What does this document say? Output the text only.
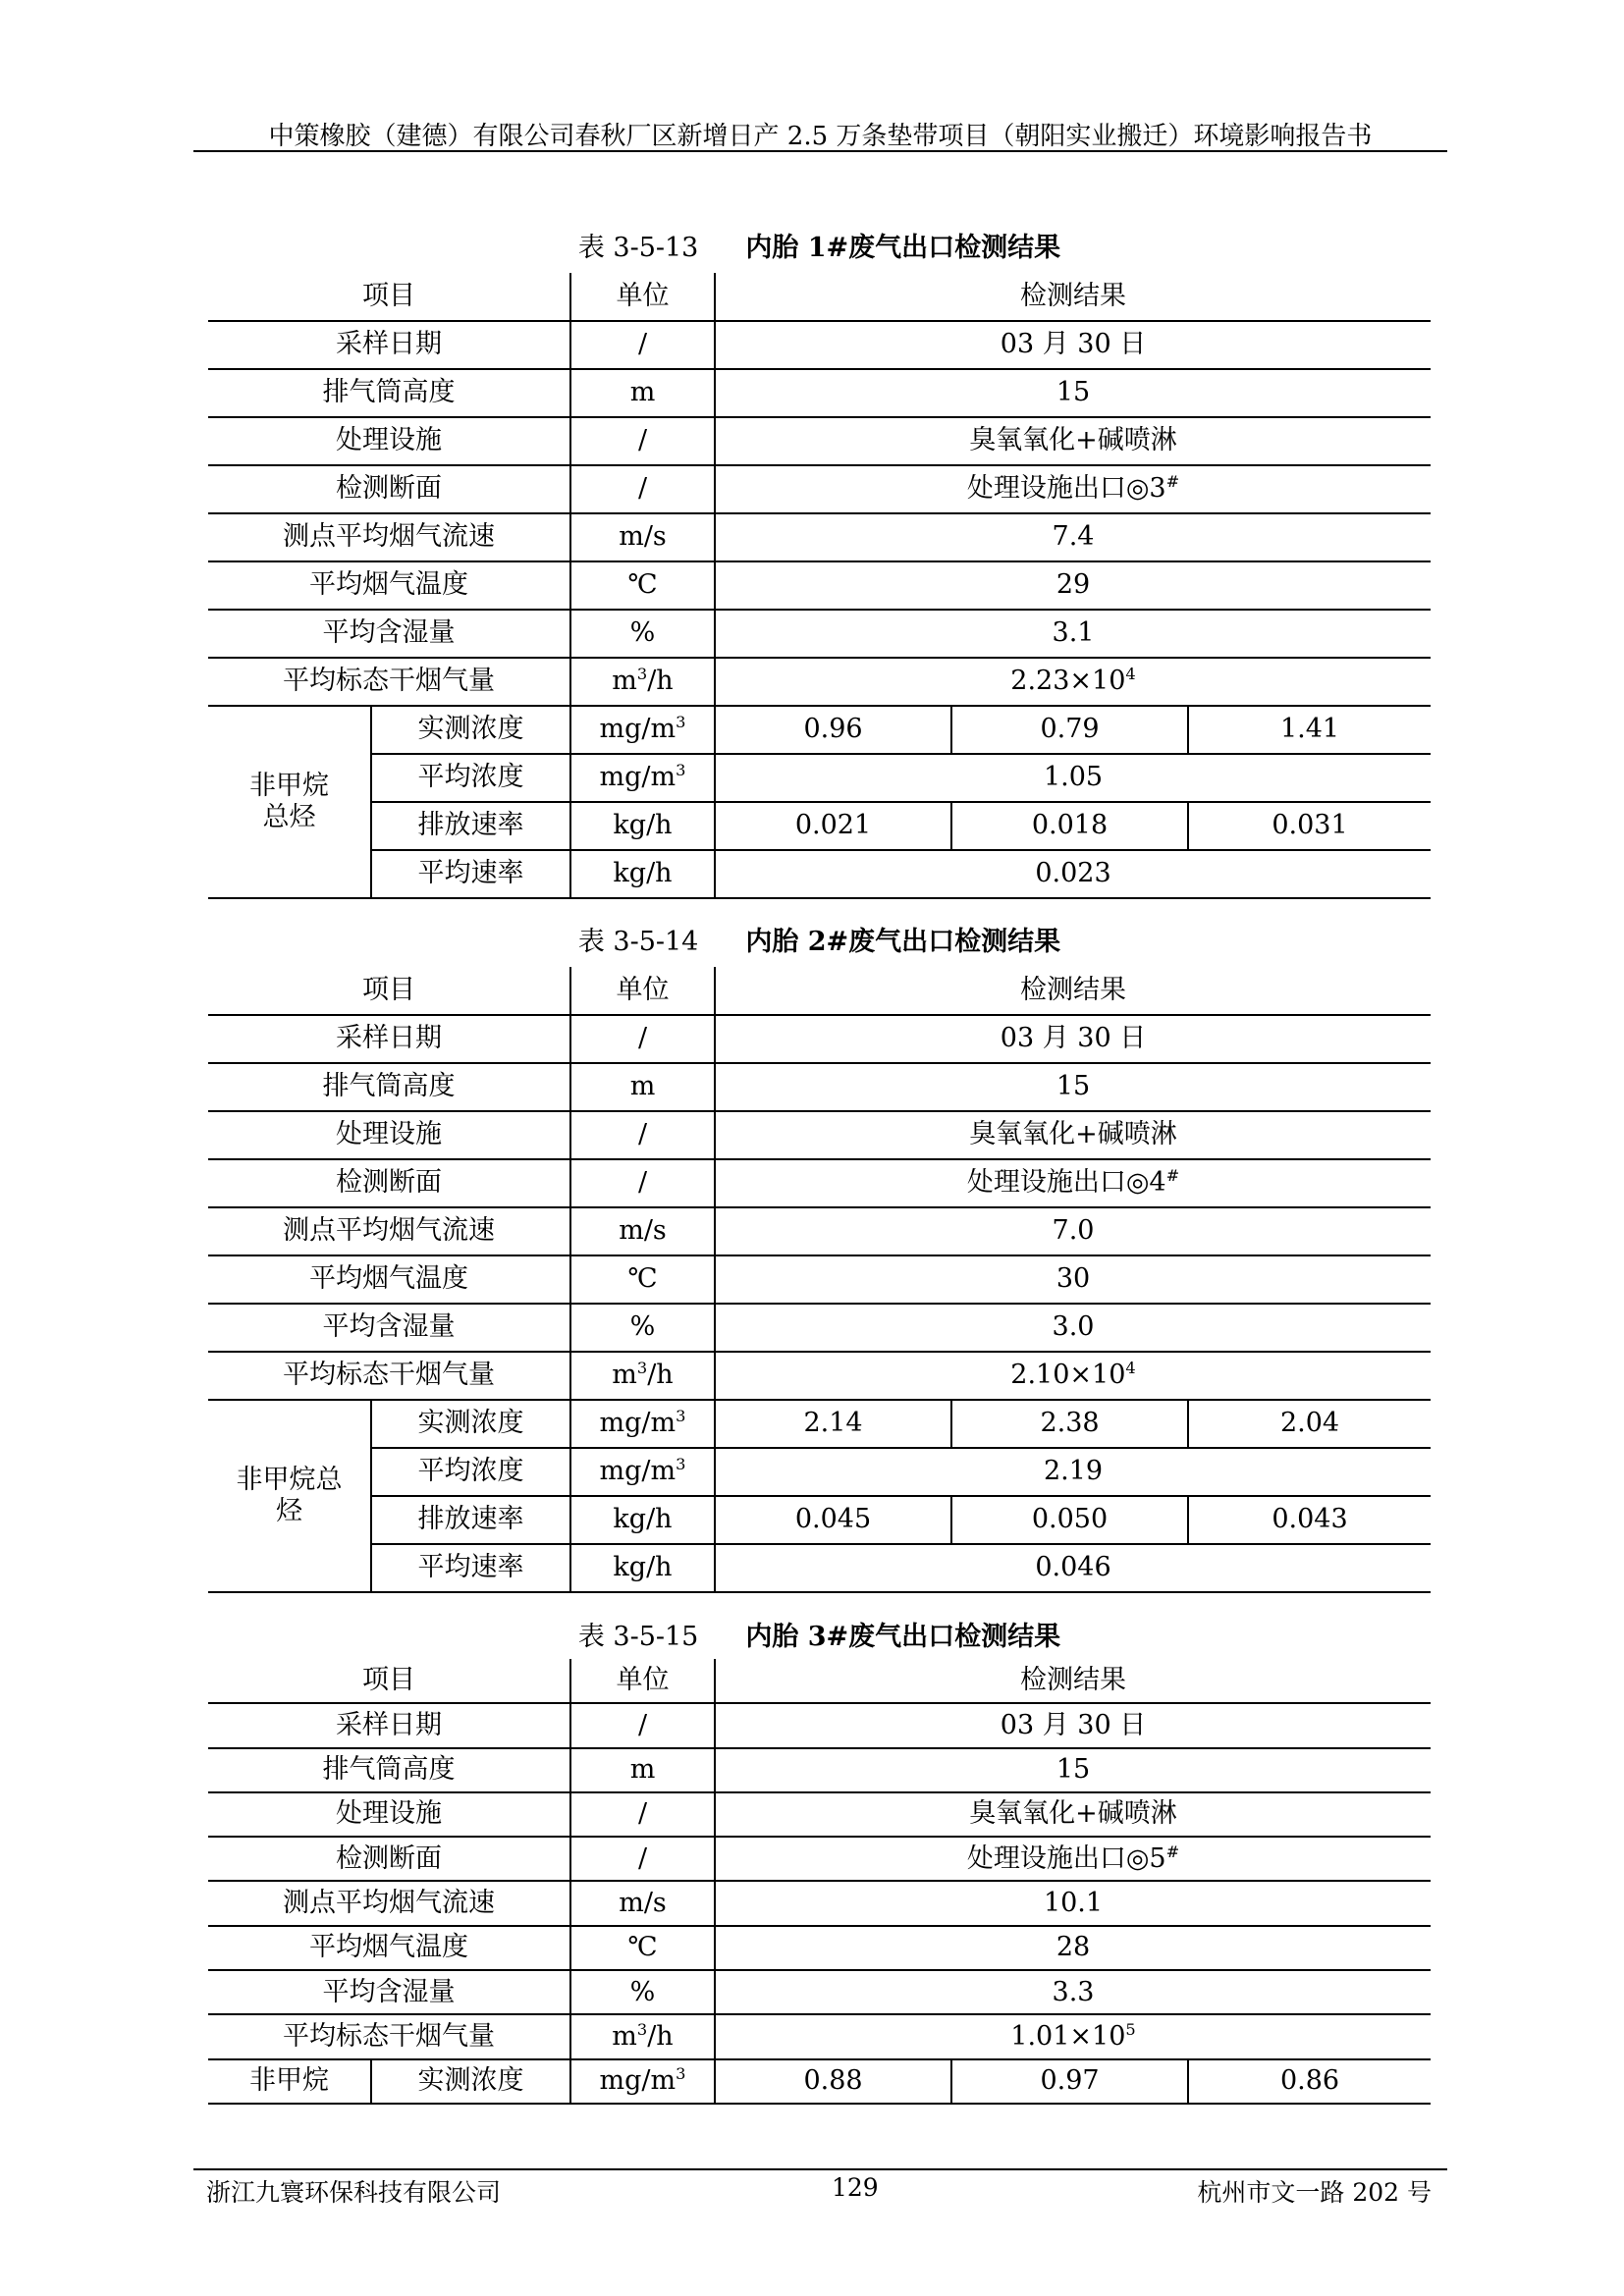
中策橡胶（建德）有限公司春秋厂区新增日产 2.5 万条垫带项目（朝阳实业搬迁）环境影响报告书
表 3-5-13 内胎 1#废气出口检测结果
项目		单位	检测结果		
采样日期		/	03 月 30 日		
排气筒高度		m	15		
处理设施		/	臭氧氧化+碱喷淋		
检测断面		/	处理设施出口◎3#
测点平均烟气流速		m/s	7.4		
平均烟气温度		℃	29		
平均含湿量		%	3.1		
平均标态干烟气量		$m^3/h$	$2.23\times 10^4$

非甲烷
总烃	实测浓度	$mg/m^3$	0.96	0.79	1.41
	平均浓度	$mg/m^3$	1.05		
	排放速率	kg/h	0.021	0.018	0.031
	平均速率	kg/h	0.023		
表 3-5-14 内胎 2#废气出口检测结果
项目		单位	检测结果		
采样日期		/	03 月 30 日		
排气筒高度		m	15		
处理设施		/	臭氧氧化+碱喷淋		
检测断面		/	处理设施出口◎4#
测点平均烟气流速		m/s	7.0		
平均烟气温度		℃	30		
平均含湿量		%	3.0		
平均标态干烟气量		$m^3/h$	$2.10\times 10^4$

非甲烷总
烃	实测浓度	$mg/m^3$	2.14	2.38	2.04
	平均浓度	$mg/m^3$	2.19		
	排放速率	kg/h	0.045	0.050	0.043
	平均速率	kg/h	0.046		
表 3-5-15 内胎 3#废气出口检测结果
项目		单位	检测结果		
采样日期		/	03 月 30 日		
排气筒高度		m	15		
处理设施		/	臭氧氧化+碱喷淋		
检测断面		/	处理设施出口◎5#
测点平均烟气流速		m/s	10.1		
平均烟气温度		℃	28		
平均含湿量		%	3.3		
平均标态干烟气量		$m^3/h$	$1.01\times 10^5$

非甲烷	实测浓度	$mg/m^3$	0.88	0.97	0.86
浙江九寰环保科技有限公司	129	杭州市文一路 202 号
